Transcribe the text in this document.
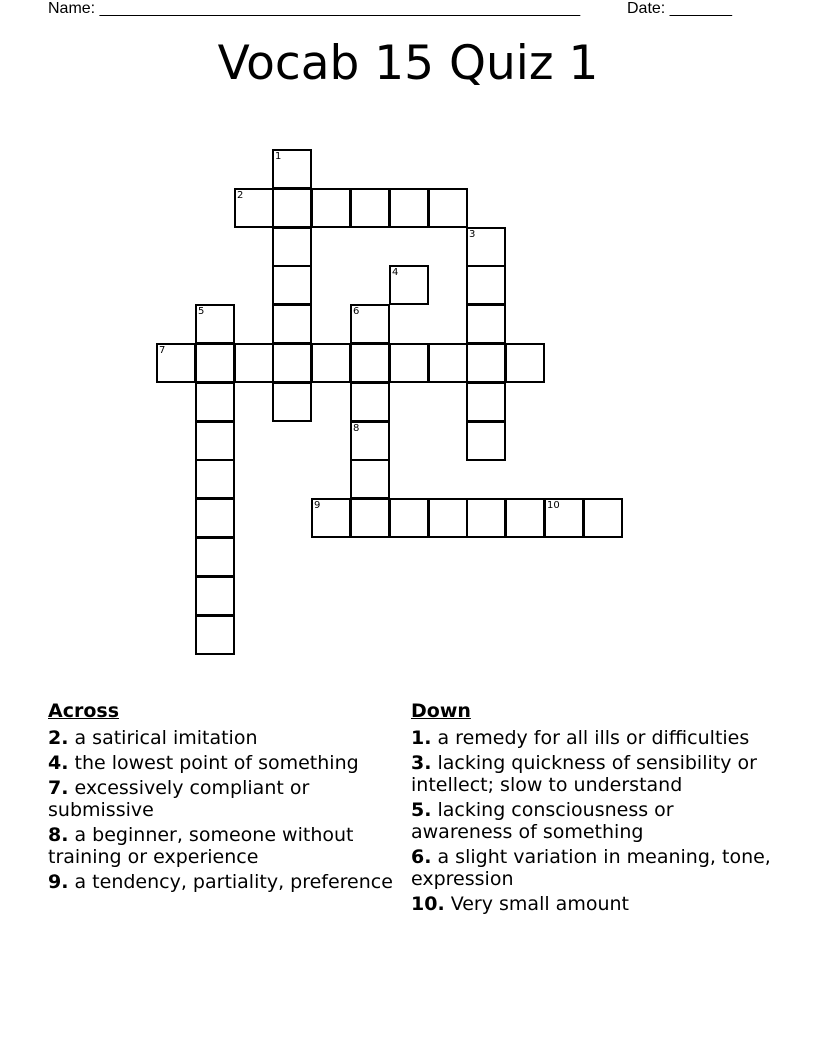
Name: ______________________________________________________	Date: _______
Vocab 15 Quiz 1
1
2
3
4
5	6
7
8
9	10
Across
2. a satirical imitation
4. the lowest point of something
7. excessively compliant or submissive
8. a beginner, someone without training or experience
9. a tendency, partiality, preference
Down
1. a remedy for all ills or difficulties
3. lacking quickness of sensibility or intellect; slow to understand
5. lacking consciousness or awareness of something
6. a slight variation in meaning, tone, expression
10. Very small amount
